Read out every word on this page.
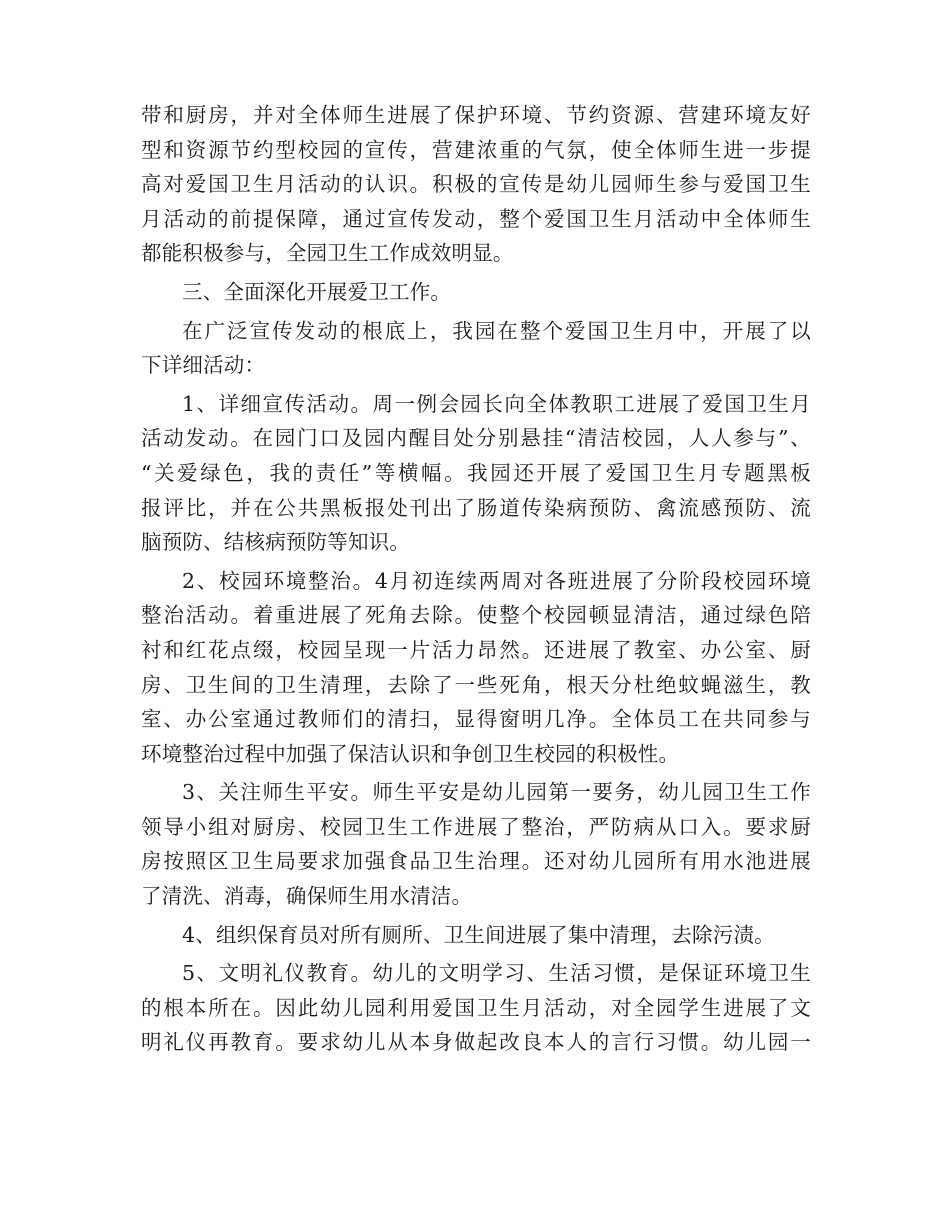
带和厨房，并对全体师生进展了保护环境、节约资源、营建环境友好
型和资源节约型校园的宣传，营建浓重的气氛，使全体师生进一步提
高对爱国卫生月活动的认识。积极的宣传是幼儿园师生参与爱国卫生
月活动的前提保障，通过宣传发动，整个爱国卫生月活动中全体师生
都能积极参与，全园卫生工作成效明显。
三、全面深化开展爱卫工作。
在广泛宣传发动的根底上，我园在整个爱国卫生月中，开展了以
下详细活动：
1、详细宣传活动。周一例会园长向全体教职工进展了爱国卫生月
活动发动。在园门口及园内醒目处分别悬挂“清洁校园，人人参与”、
“关爱绿色，我的责任”等横幅。我园还开展了爱国卫生月专题黑板
报评比，并在公共黑板报处刊出了肠道传染病预防、禽流感预防、流
脑预防、结核病预防等知识。
2、校园环境整治。4月初连续两周对各班进展了分阶段校园环境
整治活动。着重进展了死角去除。使整个校园顿显清洁，通过绿色陪
衬和红花点缀，校园呈现一片活力昂然。还进展了教室、办公室、厨
房、卫生间的卫生清理，去除了一些死角，根天分杜绝蚊蝇滋生，教
室、办公室通过教师们的清扫，显得窗明几净。全体员工在共同参与
环境整治过程中加强了保洁认识和争创卫生校园的积极性。
3、关注师生平安。师生平安是幼儿园第一要务，幼儿园卫生工作
领导小组对厨房、校园卫生工作进展了整治，严防病从口入。要求厨
房按照区卫生局要求加强食品卫生治理。还对幼儿园所有用水池进展
了清洗、消毒，确保师生用水清洁。
4、组织保育员对所有厕所、卫生间进展了集中清理，去除污渍。
5、文明礼仪教育。幼儿的文明学习、生活习惯，是保证环境卫生
的根本所在。因此幼儿园利用爱国卫生月活动，对全园学生进展了文
明礼仪再教育。要求幼儿从本身做起改良本人的言行习惯。幼儿园一
